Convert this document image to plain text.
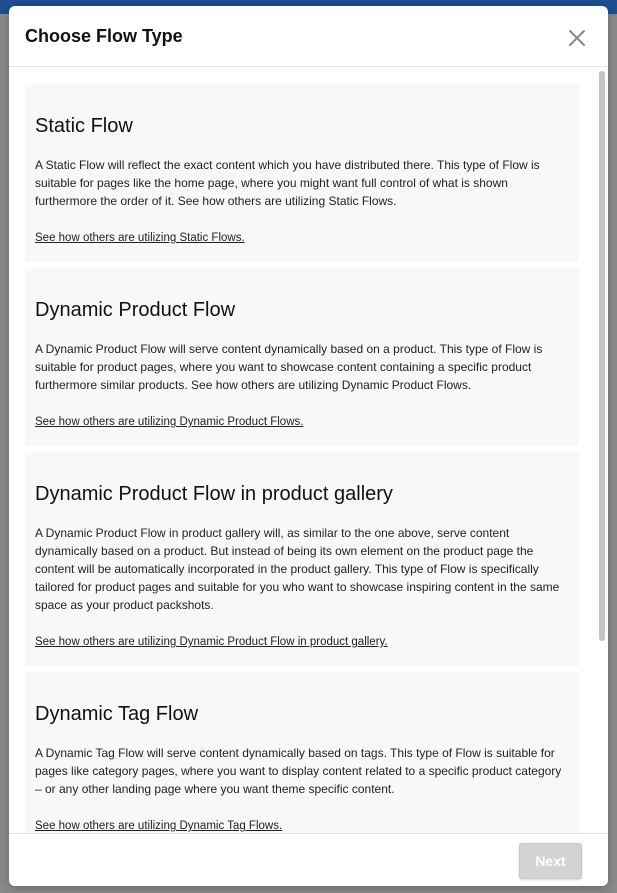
Choose Flow Type
Static Flow

A Static Flow will reflect the exact content which you have distributed there. This type of Flow is suitable for pages like the home page, where you might want full control of what is shown furthermore the order of it. See how others are utilizing Static Flows.

See how others are utilizing Static Flows.
Dynamic Product Flow

A Dynamic Product Flow will serve content dynamically based on a product. This type of Flow is suitable for product pages, where you want to showcase content containing a specific product furthermore similar products. See how others are utilizing Dynamic Product Flows.

See how others are utilizing Dynamic Product Flows.
Dynamic Product Flow in product gallery

A Dynamic Product Flow in product gallery will, as similar to the one above, serve content dynamically based on a product. But instead of being its own element on the product page the content will be automatically incorporated in the product gallery. This type of Flow is specifically tailored for product pages and suitable for you who want to showcase inspiring content in the same space as your product packshots.

See how others are utilizing Dynamic Product Flow in product gallery.
Dynamic Tag Flow

A Dynamic Tag Flow will serve content dynamically based on tags. This type of Flow is suitable for pages like category pages, where you want to display content related to a specific product category – or any other landing page where you want theme specific content.

See how others are utilizing Dynamic Tag Flows.
Next
